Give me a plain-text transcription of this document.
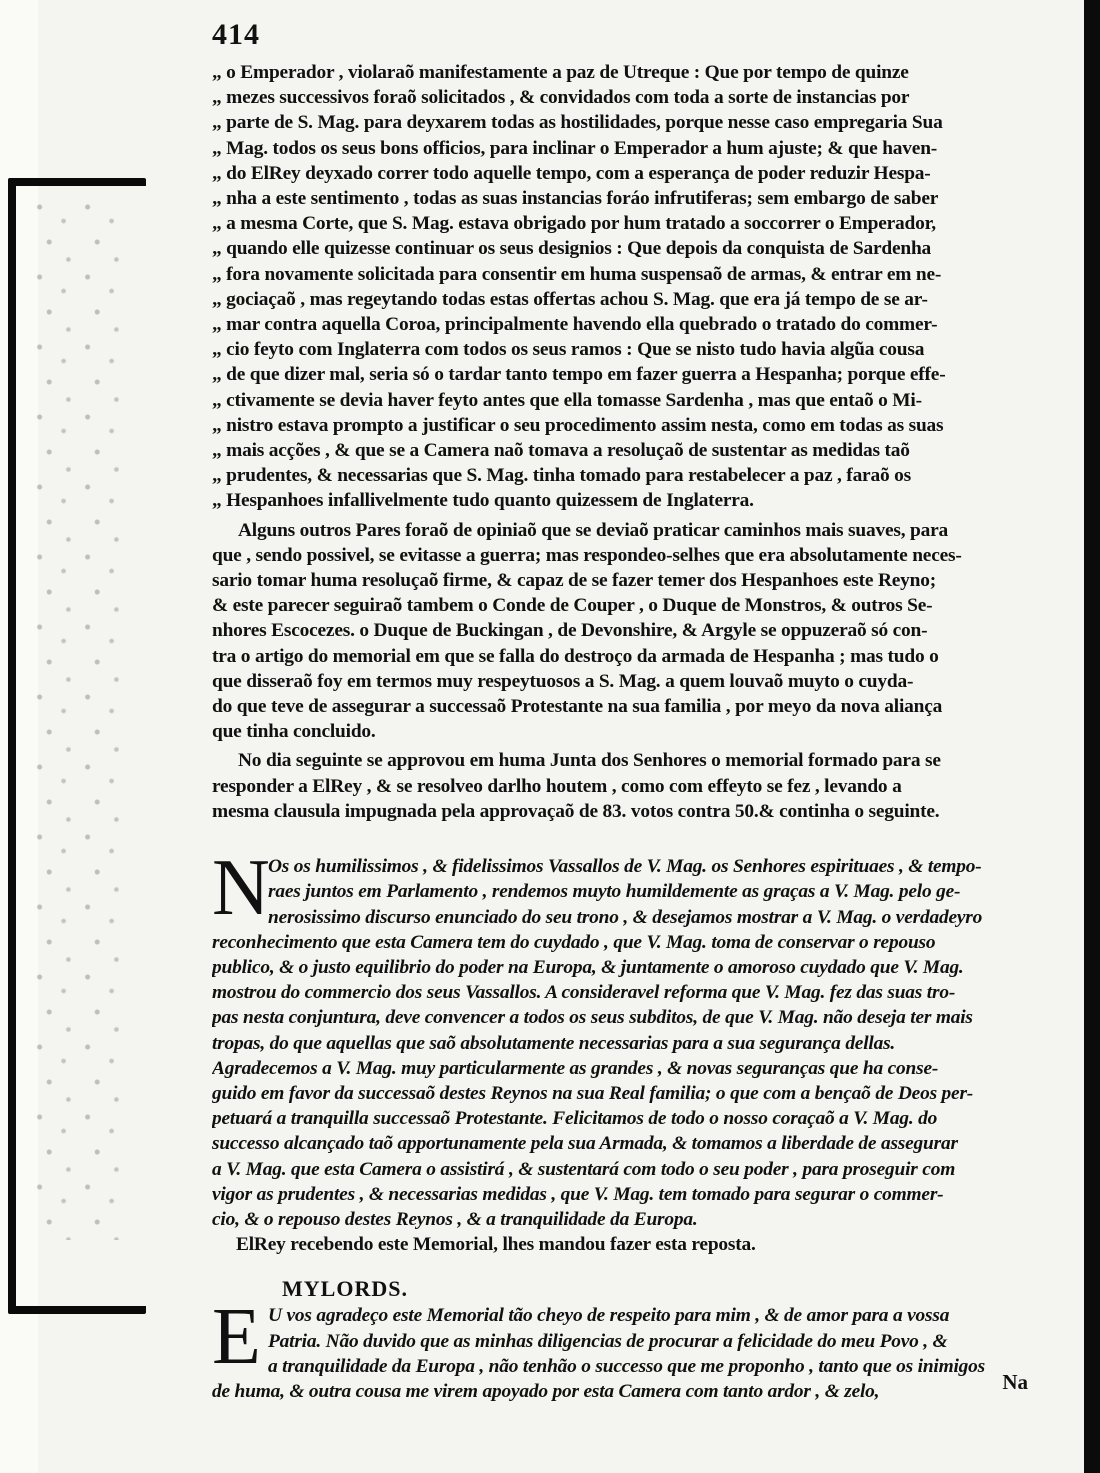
414
„ o Emperador , violaraõ manifestamente a paz de Utreque : Que por tempo de quinze
„ mezes successivos foraõ solicitados , & convidados com toda a sorte de instancias por
„ parte de S. Mag. para deyxarem todas as hostilidades, porque nesse caso empregaria Sua
„ Mag. todos os seus bons officios, para inclinar o Emperador a hum ajuste; & que haven-
„ do ElRey deyxado correr todo aquelle tempo, com a esperança de poder reduzir Hespa-
„ nha a este sentimento , todas as suas instancias foráo infrutiferas; sem embargo de saber
„ a mesma Corte, que S. Mag. estava obrigado por hum tratado a soccorrer o Emperador,
„ quando elle quizesse continuar os seus designios : Que depois da conquista de Sardenha
„ fora novamente solicitada para consentir em huma suspensaõ de armas, & entrar em ne-
„ gociaçaõ , mas regeytando todas estas offertas achou S. Mag. que era já tempo de se ar-
„ mar contra aquella Coroa, principalmente havendo ella quebrado o tratado do commer-
„ cio feyto com Inglaterra com todos os seus ramos : Que se nisto tudo havia algũa cousa
„ de que dizer mal, seria só o tardar tanto tempo em fazer guerra a Hespanha; porque effe-
„ ctivamente se devia haver feyto antes que ella tomasse Sardenha , mas que entaõ o Mi-
„ nistro estava prompto a justificar o seu procedimento assim nesta, como em todas as suas
„ mais acções , & que se a Camera naõ tomava a resoluçaõ de sustentar as medidas taõ
„ prudentes, & necessarias que S. Mag. tinha tomado para restabelecer a paz , faraõ os
„ Hespanhoes infallivelmente tudo quanto quizessem de Inglaterra.
Alguns outros Pares foraõ de opiniaõ que se deviaõ praticar caminhos mais suaves, para
que , sendo possivel, se evitasse a guerra; mas respondeo-selhes que era absolutamente neces-
sario tomar huma resoluçaõ firme, & capaz de se fazer temer dos Hespanhoes este Reyno;
& este parecer seguiraõ tambem o Conde de Couper , o Duque de Monstros, & outros Se-
nhores Escocezes. o Duque de Buckingan , de Devonshire, & Argyle se oppuzeraõ só con-
tra o artigo do memorial em que se falla do destroço da armada de Hespanha ; mas tudo o
que disseraõ foy em termos muy respeytuosos a S. Mag. a quem louvaõ muyto o cuyda-
do que teve de assegurar a successaõ Protestante na sua familia , por meyo da nova aliança
que tinha concluido.
No dia seguinte se approvou em huma Junta dos Senhores o memorial formado para se
responder a ElRey , & se resolveo darlho houtem , como com effeyto se fez , levando a
mesma clausula impugnada pela approvaçaõ de 83. votos contra 50.& continha o seguinte.
N
Os os humilissimos , & fidelissimos Vassallos de V. Mag. os Senhores espirituaes , & tempo-
raes juntos em Parlamento , rendemos muyto humildemente as graças a V. Mag. pelo ge-
nerosissimo discurso enunciado do seu trono , & desejamos mostrar a V. Mag. o verdadeyro
reconhecimento que esta Camera tem do cuydado , que V. Mag. toma de conservar o repouso
publico, & o justo equilibrio do poder na Europa, & juntamente o amoroso cuydado que V. Mag.
mostrou do commercio dos seus Vassallos. A consideravel reforma que V. Mag. fez das suas tro-
pas nesta conjuntura, deve convencer a todos os seus subditos, de que V. Mag. não deseja ter mais
tropas, do que aquellas que saõ absolutamente necessarias para a sua segurança dellas.
Agradecemos a V. Mag. muy particularmente as grandes , & novas seguranças que ha conse-
guido em favor da successaõ destes Reynos na sua Real familia; o que com a bençaõ de Deos per-
petuará a tranquilla successaõ Protestante. Felicitamos de todo o nosso coraçaõ a V. Mag. do
successo alcançado taõ apportunamente pela sua Armada, & tomamos a liberdade de assegurar
a V. Mag. que esta Camera o assistirá , & sustentará com todo o seu poder , para proseguir com
vigor as prudentes , & necessarias medidas , que V. Mag. tem tomado para segurar o commer-
cio, & o repouso destes Reynos , & a tranquilidade da Europa.
ElRey recebendo este Memorial, lhes mandou fazer esta reposta.
MYLORDS.
E U vos agradeço este Memorial tão cheyo de respeito para mim , & de amor para a vossa
Patria. Não duvido que as minhas diligencias de procurar a felicidade do meu Povo , &
a tranquilidade da Europa , não tenhão o successo que me proponho , tanto que os inimigos
de huma, & outra cousa me virem apoyado por esta Camera com tanto ardor , & zelo,	Na
